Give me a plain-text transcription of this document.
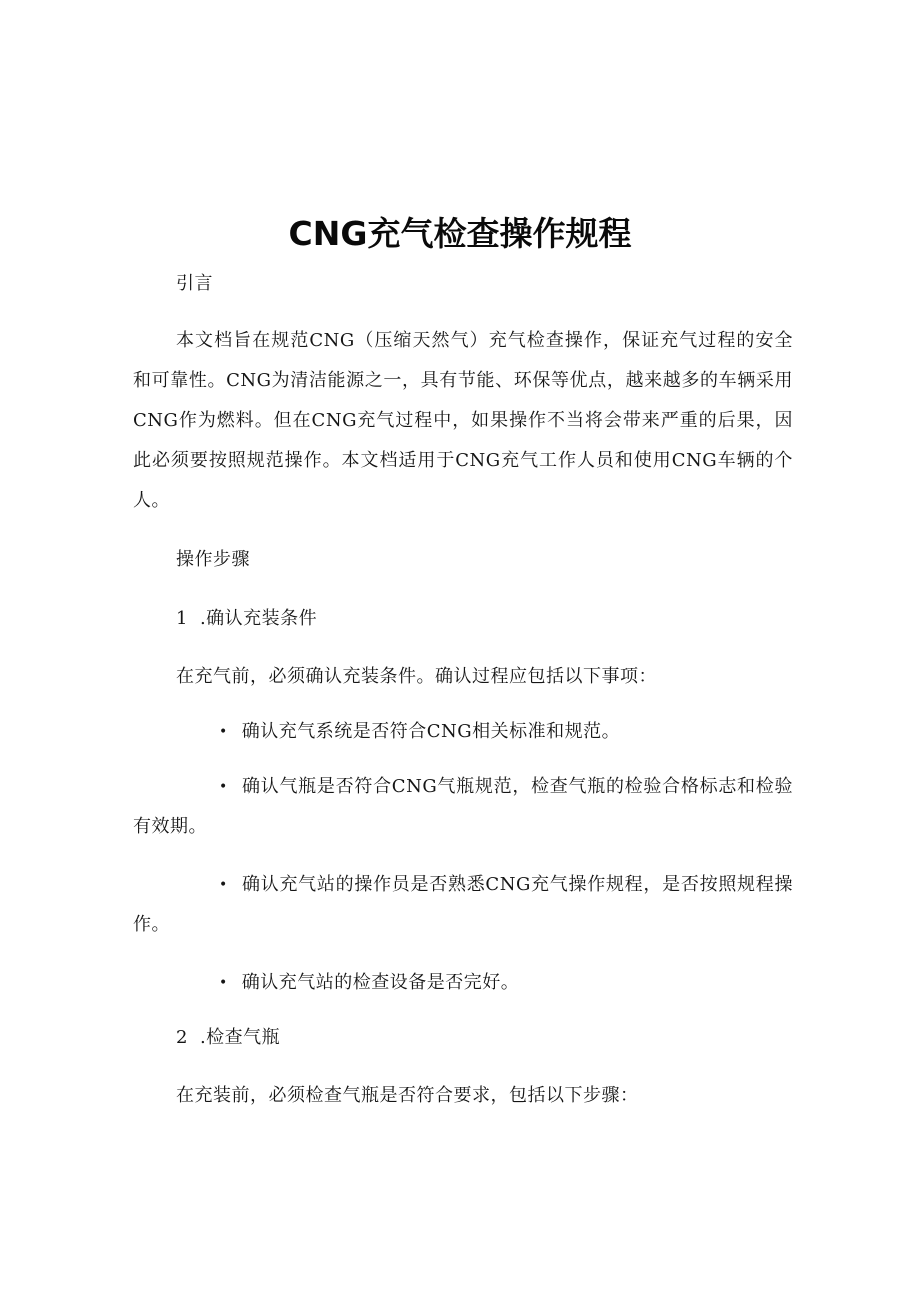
CNG充气检查操作规程
引言
本文档旨在规范CNG（压缩天然气）充气检查操作，保证充气过程的安全和可靠性。CNG为清洁能源之一，具有节能、环保等优点，越来越多的车辆采用CNG作为燃料。但在CNG充气过程中，如果操作不当将会带来严重的后果，因此必须要按照规范操作。本文档适用于CNG充气工作人员和使用CNG车辆的个人。
操作步骤
1 .确认充装条件
在充气前，必须确认充装条件。确认过程应包括以下事项：
• 确认充气系统是否符合CNG相关标准和规范。
• 确认气瓶是否符合CNG气瓶规范，检查气瓶的检验合格标志和检验有效期。
• 确认充气站的操作员是否熟悉CNG充气操作规程，是否按照规程操作。
• 确认充气站的检查设备是否完好。
2 .检查气瓶
在充装前，必须检查气瓶是否符合要求，包括以下步骤：
